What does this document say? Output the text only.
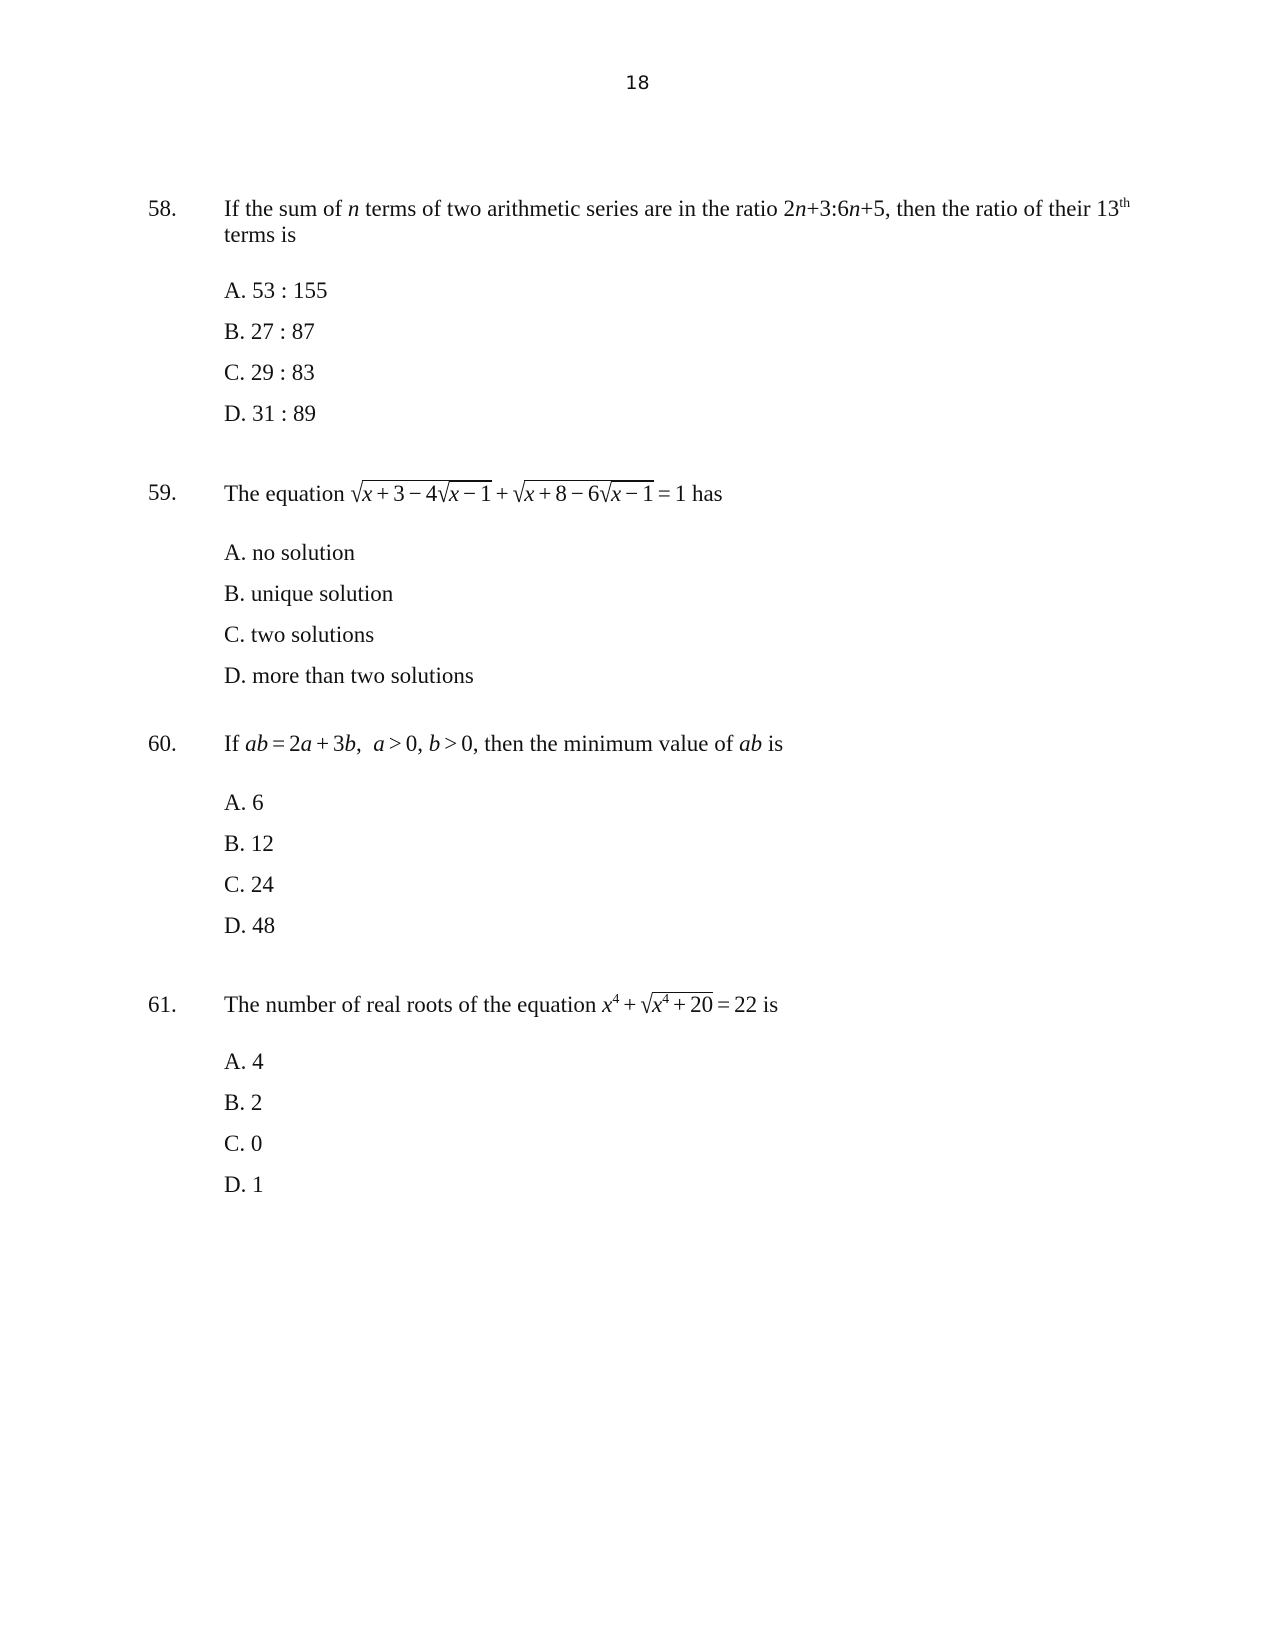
18
58. If the sum of n terms of two arithmetic series are in the ratio 2n+3:6n+5, then the ratio of their 13th terms is
A. 53 : 155
B. 27 : 87
C. 29 : 83
D. 31 : 89
59. The equation √x + 3 − 4√x − 1 + √x + 8 − 6√x − 1 = 1 has
A. no solution
B. unique solution
C. two solutions
D. more than two solutions
60. If ab = 2a + 3b,  a > 0, b > 0, then the minimum value of ab is
A. 6
B. 12
C. 24
D. 48
61. The number of real roots of the equation $x^4 + √x^4 + 20 = 22$ is
A. 4
B. 2
C. 0
D. 1
